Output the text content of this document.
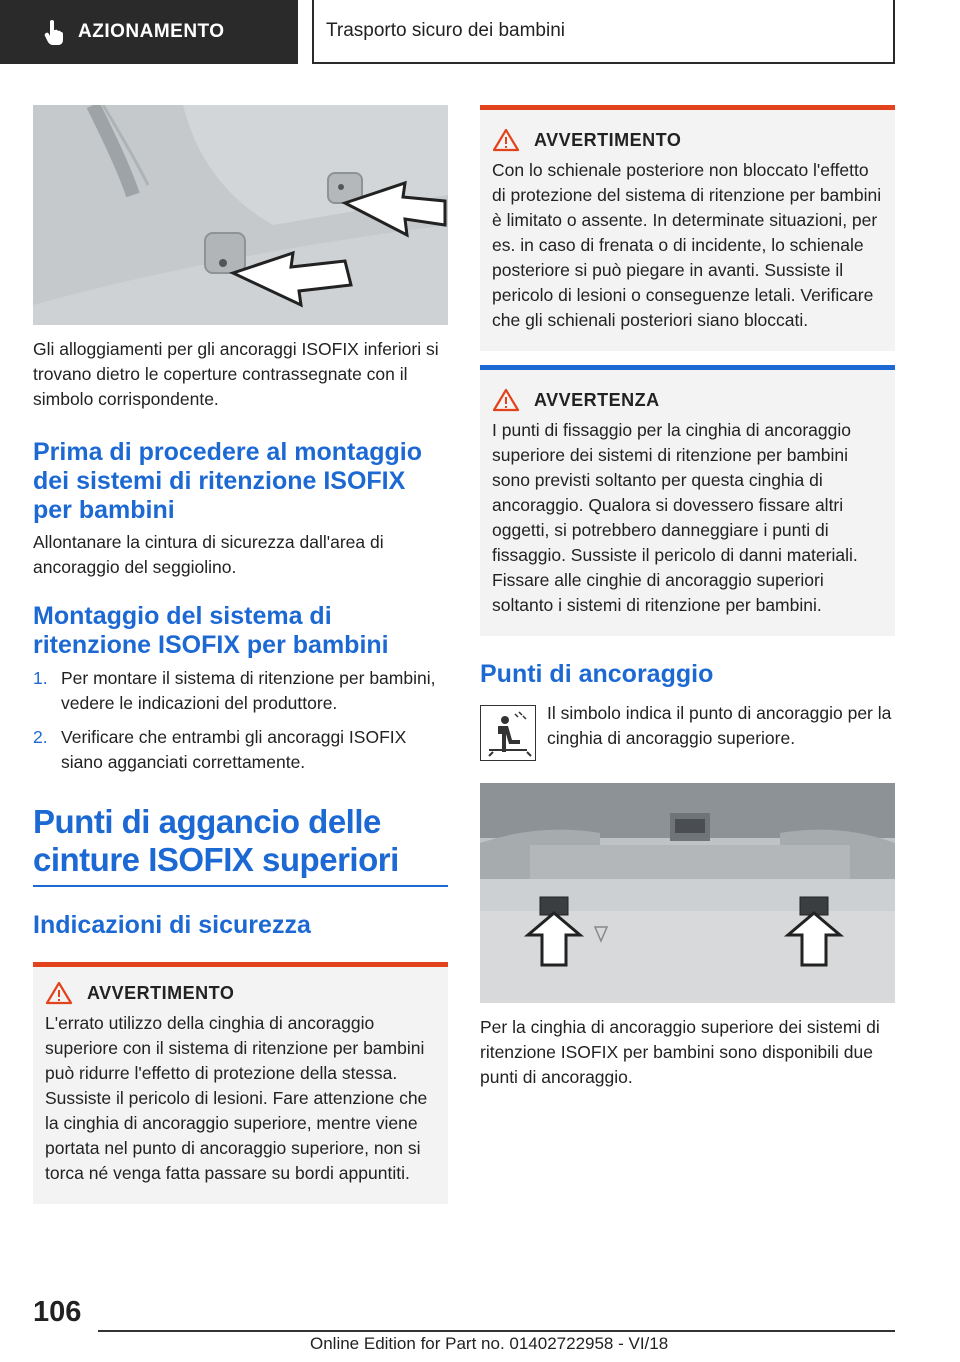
AZIONAMENTO	Trasporto sicuro dei bambini

Gli alloggiamenti per gli ancoraggi ISOFIX inferiori si trovano dietro le coperture contrassegnate con il simbolo corrispondente.

Prima di procedere al montaggio dei sistemi di ritenzione ISOFIX per bambini

Allontanare la cintura di sicurezza dall'area di ancoraggio del seggiolino.

Montaggio del sistema di ritenzione ISOFIX per bambini
1. Per montare il sistema di ritenzione per bambini, vedere le indicazioni del produttore.
2. Verificare che entrambi gli ancoraggi ISOFIX siano agganciati correttamente.
Punti di aggancio delle cinture ISOFIX superiori
Indicazioni di sicurezza
AVVERTIMENTO

L'errato utilizzo della cinghia di ancoraggio superiore con il sistema di ritenzione per bambini può ridurre l'effetto di protezione della stessa. Sussiste il pericolo di lesioni. Fare attenzione che la cinghia di ancoraggio superiore, mentre viene portata nel punto di ancoraggio superiore, non si torca né venga fatta passare su bordi appuntiti.

AVVERTIMENTO

Con lo schienale posteriore non bloccato l'effetto di protezione del sistema di ritenzione per bambini è limitato o assente. In determinate situazioni, per es. in caso di frenata o di incidente, lo schienale posteriore si può piegare in avanti. Sussiste il pericolo di lesioni o conseguenze letali. Verificare che gli schienali posteriori siano bloccati.

AVVERTENZA

I punti di fissaggio per la cinghia di ancoraggio superiore dei sistemi di ritenzione per bambini sono previsti soltanto per questa cinghia di ancoraggio. Qualora si dovessero fissare altri oggetti, si potrebbero danneggiare i punti di fissaggio. Sussiste il pericolo di danni materiali. Fissare alle cinghie di ancoraggio superiori soltanto i sistemi di ritenzione per bambini.

Punti di ancoraggio

Il simbolo indica il punto di ancoraggio per la cinghia di ancoraggio superiore.

Per la cinghia di ancoraggio superiore dei sistemi di ritenzione ISOFIX per bambini sono disponibili due punti di ancoraggio.

106
Online Edition for Part no. 01402722958 - VI/18
